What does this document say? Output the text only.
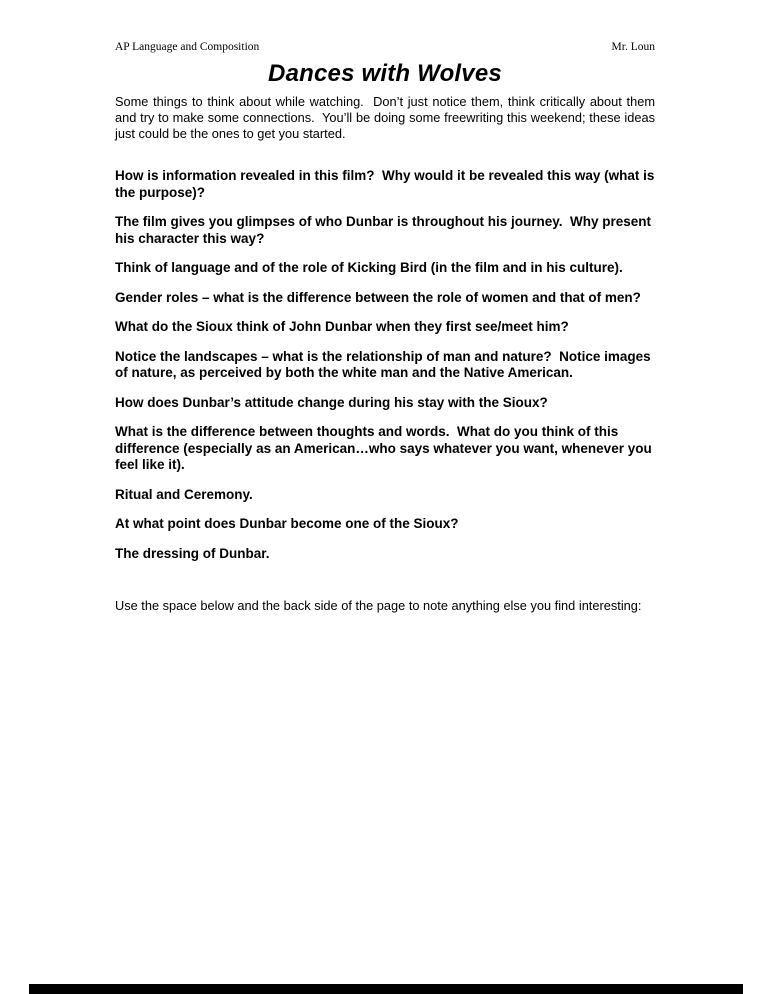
AP Language and Composition	Mr. Loun
Dances with Wolves

Some things to think about while watching.  Don’t just notice them, think critically about them and try to make some connections.  You’ll be doing some freewriting this weekend; these ideas just could be the ones to get you started.

How is information revealed in this film?  Why would it be revealed this way (what is the purpose)?

The film gives you glimpses of who Dunbar is throughout his journey.  Why present his character this way?

Think of language and of the role of Kicking Bird (in the film and in his culture).

Gender roles – what is the difference between the role of women and that of men?

What do the Sioux think of John Dunbar when they first see/meet him?

Notice the landscapes – what is the relationship of man and nature?  Notice images of nature, as perceived by both the white man and the Native American.

How does Dunbar’s attitude change during his stay with the Sioux?

What is the difference between thoughts and words.  What do you think of this difference (especially as an American…who says whatever you want, whenever you feel like it).

Ritual and Ceremony.

At what point does Dunbar become one of the Sioux?

The dressing of Dunbar.

Use the space below and the back side of the page to note anything else you find interesting:
